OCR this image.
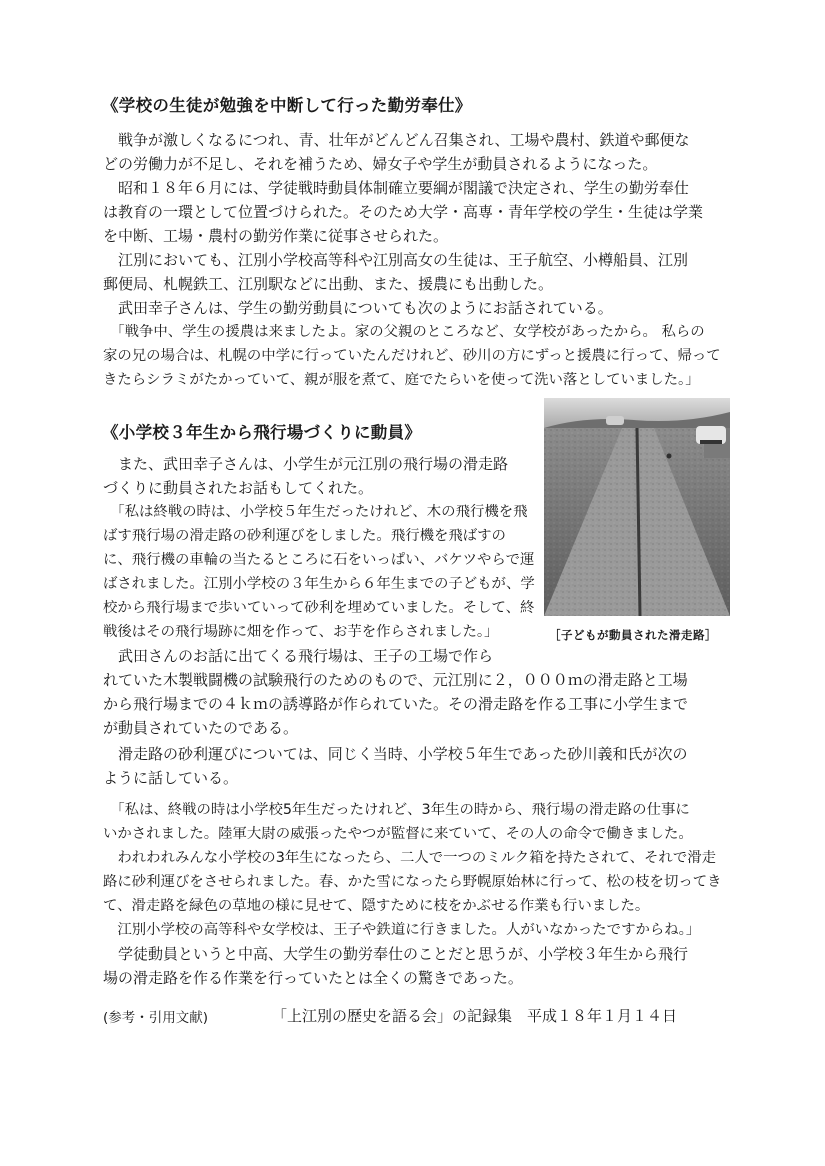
《学校の生徒が勉強を中断して行った勤労奉仕》

　戦争が激しくなるにつれ、青、壮年がどんどん召集され、工場や農村、鉄道や郵便な

どの労働力が不足し、それを補うため、婦女子や学生が動員されるようになった。

　昭和１８年６月には、学徒戦時動員体制確立要綱が閣議で決定され、学生の勤労奉仕

は教育の一環として位置づけられた。そのため大学・高専・青年学校の学生・生徒は学業

を中断、工場・農村の勤労作業に従事させられた。

　江別においても、江別小学校高等科や江別高女の生徒は、王子航空、小樽船員、江別

郵便局、札幌鉄工、江別駅などに出動、また、援農にも出動した。

　武田幸子さんは、学生の勤労動員についても次のようにお話されている。

　「戦争中、学生の援農は来ましたよ。家の父親のところなど、女学校があったから。 私らの

家の兄の場合は、札幌の中学に行っていたんだけれど、砂川の方にずっと援農に行って、帰って

きたらシラミがたかっていて、親が服を煮て、庭でたらいを使って洗い落としていました。」

《小学校３年生から飛行場づくりに動員》

　また、武田幸子さんは、小学生が元江別の飛行場の滑走路

づくりに動員されたお話もしてくれた。

　「私は終戦の時は、小学校５年生だったけれど、木の飛行機を飛

ばす飛行場の滑走路の砂利運びをしました。飛行機を飛ばすの

に、飛行機の車輪の当たるところに石をいっぱい、バケツやらで運

ばされました。江別小学校の３年生から６年生までの子どもが、学

校から飛行場まで歩いていって砂利を埋めていました。そして、終

戦後はその飛行場跡に畑を作って、お芋を作らされました。」

　武田さんのお話に出てくる飛行場は、王子の工場で作ら

れていた木製戦闘機の試験飛行のためのもので、元江別に２，０００ｍの滑走路と工場

から飛行場までの４ｋｍの誘導路が作られていた。その滑走路を作る工事に小学生まで

が動員されていたのである。

　滑走路の砂利運びについては、同じく当時、小学校５年生であった砂川義和氏が次の

ように話している。

　「私は、終戦の時は小学校5年生だったけれど、3年生の時から、飛行場の滑走路の仕事に

いかされました。陸軍大尉の威張ったやつが監督に来ていて、その人の命令で働きました。

　われわれみんな小学校の3年生になったら、二人で一つのミルク箱を持たされて、それで滑走

路に砂利運びをさせられました。春、かた雪になったら野幌原始林に行って、松の枝を切ってき

て、滑走路を緑色の草地の様に見せて、隠すために枝をかぶせる作業も行いました。

　江別小学校の高等科や女学校は、王子や鉄道に行きました。人がいなかったですからね。」

［子どもが動員された滑走路］

　学徒動員というと中高、大学生の勤労奉仕のことだと思うが、小学校３年生から飛行

(参考・引用文献)	「上江別の歴史を語る会」の記録集　平成１８年１月１４日

場の滑走路を作る作業を行っていたとは全くの驚きであった。
